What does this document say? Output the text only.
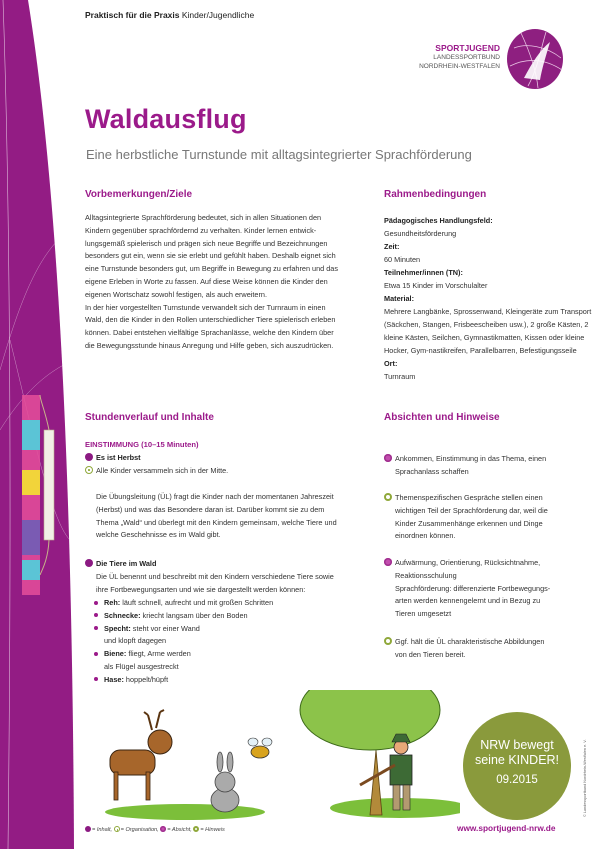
Praktisch für die Praxis Kinder/Jugendliche
SPORTJUGEND
LANDESSPORTBUND
NORDRHEIN-WESTFALEN
Waldausflug
Eine herbstliche Turnstunde mit alltagsintegrierter Sprachförderung
Vorbemerkungen/Ziele
Alltagsintegrierte Sprachförderung bedeutet, sich in allen Situationen den
Kindern gegenüber sprachfördernd zu verhalten. Kinder lernen entwick-
lungsgemäß spielerisch und prägen sich neue Begriffe und Bezeichnungen
besonders gut ein, wenn sie sie erlebt und gefühlt haben. Deshalb eignet sich
eine Turnstunde besonders gut, um Begriffe in Bewegung zu erfahren und das
eigene Erleben in Worte zu fassen. Auf diese Weise können die Kinder den
eigenen Wortschatz sowohl festigen, als auch erweitern.
In der hier vorgestellten Turnstunde verwandelt sich der Turnraum in einen
Wald, den die Kinder in den Rollen unterschiedlicher Tiere spielerisch erleben
können. Dabei entstehen vielfältige Sprachanlässe, welche den Kindern über
die Bewegungsstunde hinaus Anregung und Hilfe geben, sich auszudrücken.
Rahmenbedingungen
Pädagogisches Handlungsfeld:
Gesundheitsförderung
Zeit:
60 Minuten
Teilnehmer/innen (TN):
Etwa 15 Kinder im Vorschulalter
Material:
Mehrere Langbänke, Sprossenwand, Kleingeräte zum Transport (Säckchen, Stangen, Frisbeescheiben usw.), 2 große Kästen, 2 kleine Kästen, Seilchen, Gymnastikmatten, Kissen oder kleine Hocker, Gym-nastikreifen, Parallelbarren, Befestigungsseile
Ort:
Turnraum
Stundenverlauf und Inhalte
EINSTIMMUNG (10–15 Minuten)
Es ist Herbst
Alle Kinder versammeln sich in der Mitte.
Die Übungsleitung (ÜL) fragt die Kinder nach der momentanen Jahreszeit
(Herbst) und was das Besondere daran ist. Darüber kommt sie zu dem
Thema „Wald“ und überlegt mit den Kindern gemeinsam, welche Tiere und
welche Geschehnisse es im Wald gibt.
Die Tiere im Wald
Die ÜL benennt und beschreibt mit den Kindern verschiedene Tiere sowie
ihre Fortbewegungsarten und wie sie dargestellt werden können:
Reh: läuft schnell, aufrecht und mit großen Schritten
Schnecke: kriecht langsam über den Boden
Specht: steht vor einer Wand
und klopft dagegen
Biene: fliegt, Arme werden
als Flügel ausgestreckt
Hase: hoppelt/hüpft
Absichten und Hinweise
Ankommen, Einstimmung in das Thema, einen
Sprachanlass schaffen
Themenspezifischen Gespräche stellen einen
wichtigen Teil der Sprachförderung dar, weil die
Kinder Zusammenhänge erkennen und Dinge
einordnen können.
Aufwärmung, Orientierung, Rücksichtnahme,
Reaktionsschulung
Sprachförderung: differenzierte Fortbewegungs-
arten werden kennengelernt und in Bezug zu
Tieren umgesetzt
Ggf. hält die ÜL charakteristische Abbildungen
von den Tieren bereit.
NRW bewegt
seine KINDER!
09.2015
www.sportjugend-nrw.de
© Landessportbund Nordrhein-Westfalen e. V.
= Inhalt, = Organisation, = Absicht, = Hinweis
